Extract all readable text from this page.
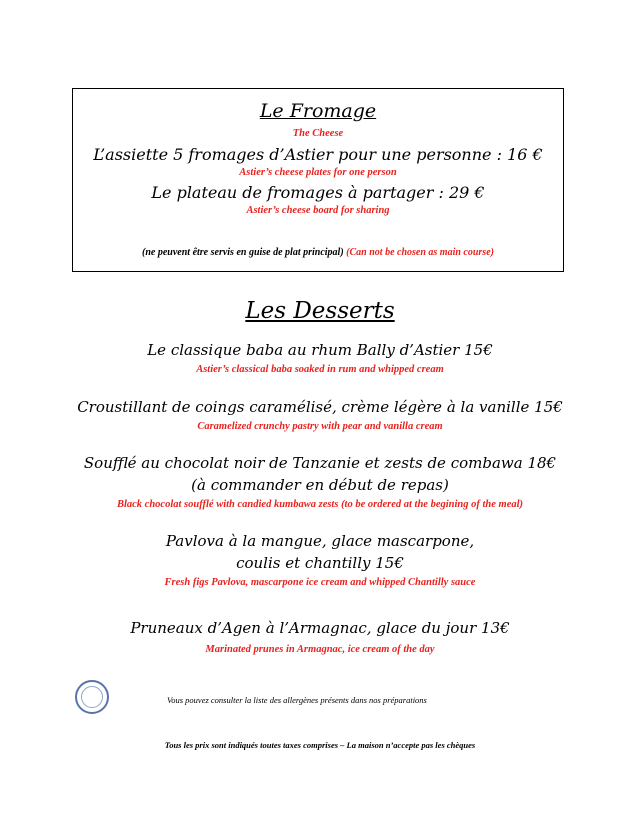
Le Fromage
The Cheese
L’assiette 5 fromages d’Astier pour une personne : 16 €
Astier’s cheese plates for one person
Le plateau de fromages à partager : 29 €
Astier’s cheese board for sharing
(ne peuvent être servis en guise de plat principal) (Can not be chosen as main course)
Les Desserts
Le classique baba au rhum Bally d’Astier 15€
Astier’s classical baba soaked in rum and whipped cream
Croustillant de coings caramélisé, crème légère à la vanille 15€
Caramelized crunchy pastry with pear and vanilla cream
Soufflé au chocolat noir de Tanzanie et zests de combawa 18€
(à commander en début de repas)
Black chocolat soufflé with candied kumbawa zests (to be ordered at the begining of the meal)
Pavlova à la mangue, glace mascarpone,
coulis et chantilly 15€
Fresh figs Pavlova, mascarpone ice cream and whipped Chantilly sauce
Pruneaux d’Agen à l’Armagnac, glace du jour 13€
Marinated prunes in Armagnac, ice cream of the day
Vous pouvez consulter la liste des allergènes présents dans nos préparations
Tous les prix sont indiqués toutes taxes comprises – La maison n’accepte pas les chèques
